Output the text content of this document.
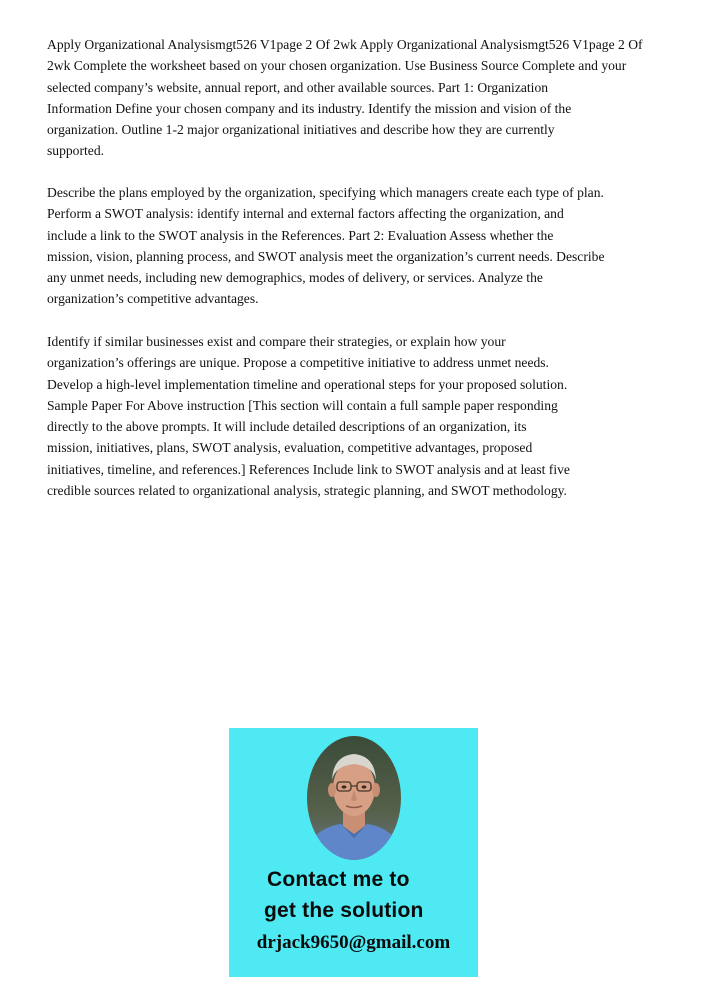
Apply Organizational Analysismgt526 V1page 2 Of 2wk Apply Organizational Analysismgt526 V1page 2 Of
2wk Complete the worksheet based on your chosen organization. Use Business Source Complete and your
selected company’s website, annual report, and other available sources. Part 1: Organization
Information Define your chosen company and its industry. Identify the mission and vision of the
organization. Outline 1-2 major organizational initiatives and describe how they are currently
supported.
Describe the plans employed by the organization, specifying which managers create each type of plan.
Perform a SWOT analysis: identify internal and external factors affecting the organization, and
include a link to the SWOT analysis in the References. Part 2: Evaluation Assess whether the
mission, vision, planning process, and SWOT analysis meet the organization’s current needs. Describe
any unmet needs, including new demographics, modes of delivery, or services. Analyze the
organization’s competitive advantages.
Identify if similar businesses exist and compare their strategies, or explain how your
organization’s offerings are unique. Propose a competitive initiative to address unmet needs.
Develop a high-level implementation timeline and operational steps for your proposed solution.
Sample Paper For Above instruction [This section will contain a full sample paper responding
directly to the above prompts. It will include detailed descriptions of an organization, its
mission, initiatives, plans, SWOT analysis, evaluation, competitive advantages, proposed
initiatives, timeline, and references.] References Include link to SWOT analysis and at least five
credible sources related to organizational analysis, strategic planning, and SWOT methodology.
Contact me to
get the solution
drjack9650@gmail.com
